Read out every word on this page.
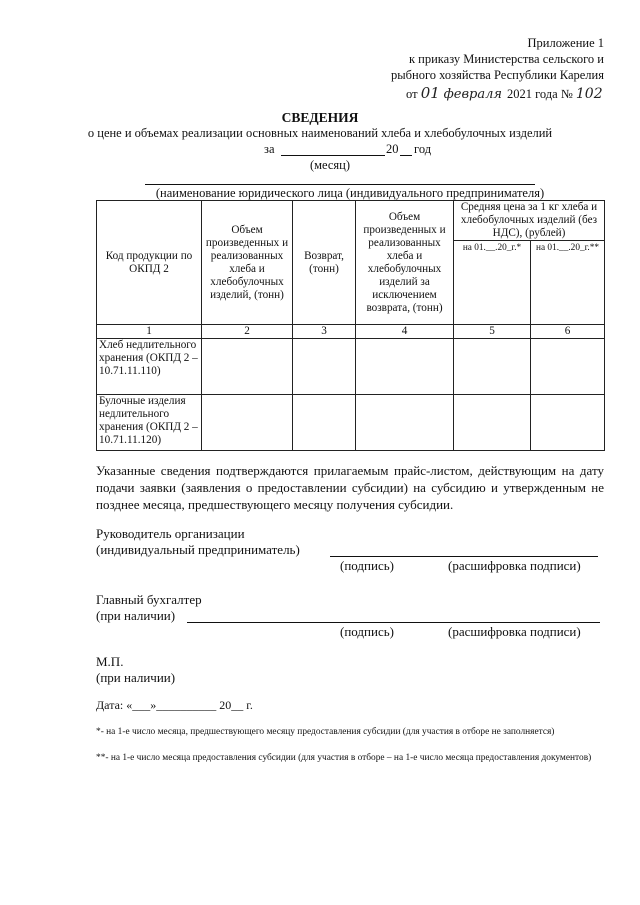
Приложение 1
к приказу Министерства сельского и
рыбного хозяйства Республики Карелия
от 01 февраля 2021 года № 102
СВЕДЕНИЯ
о цене и объемах реализации основных наименований хлеба и хлебобулочных изделий
за	20 год
(месяц)
(наименование юридического лица (индивидуального предпринимателя)
Код продукции по ОКПД 2	Объем произведенных и реализованных хлеба и хлебобулочных изделий, (тонн)	Возврат, (тонн)	Объем произведенных и реализованных хлеба и хлебобулочных изделий за исключением возврата, (тонн)	Средняя цена за 1 кг хлеба и хлебобулочных изделий (без НДС), (рублей)	
				на 01.__.20_г.*	на 01.__.20_г.**
1	2	3	4	5	6
Хлеб недлительного хранения (ОКПД 2 – 10.71.11.110)					
Булочные изделия недлительного хранения (ОКПД 2 – 10.71.11.120)					
Указанные сведения подтверждаются прилагаемым прайс-листом, действующим на дату подачи заявки (заявления о предоставлении субсидии) на субсидию и утвержденным не позднее месяца, предшествующего месяцу получения субсидии.
Руководитель организации
(индивидуальный предприниматель)
(подпись)	(расшифровка подписи)
Главный бухгалтер
(при наличии)
(подпись)	(расшифровка подписи)
М.П.
(при наличии)
Дата: «___»__________ 20__ г.
*- на 1-е число месяца, предшествующего месяцу предоставления субсидии (для участия в отборе не заполняется)
**- на 1-е число месяца предоставления субсидии (для участия в отборе – на 1-е число месяца предоставления документов)
